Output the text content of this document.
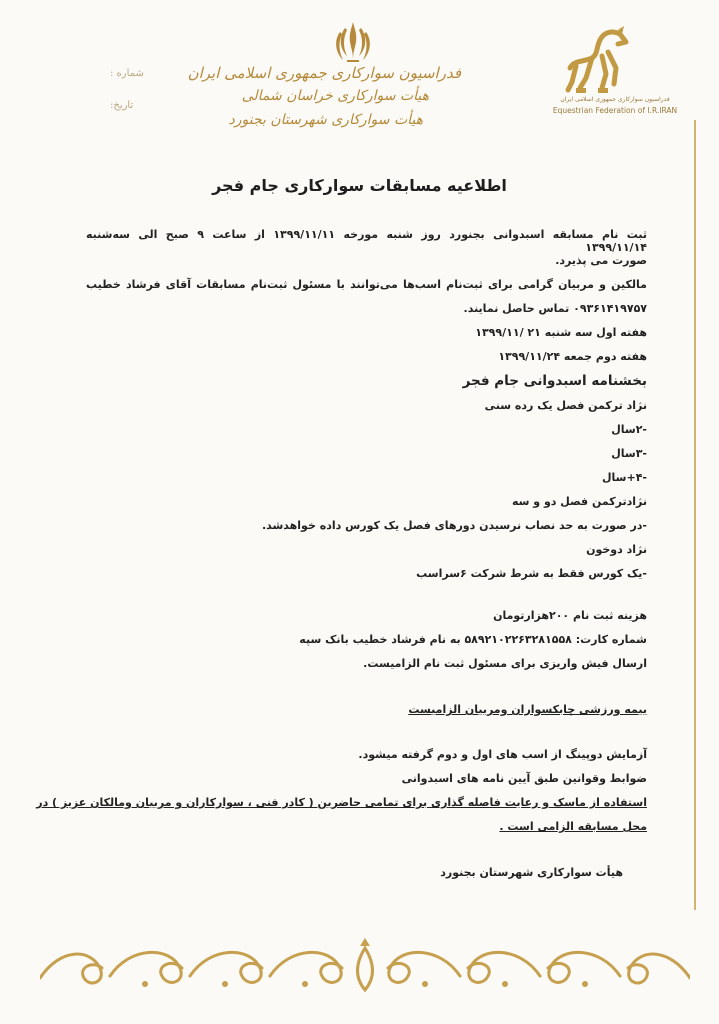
فدراسیون سوارکاری جمهوری اسلامی ایران
هیأت سوارکاری خراسان شمالی
هیأت سوارکاری شهرستان بجنورد
شماره :
تاریخ:
فدراسیون سوارکاری جمهوری اسلامی ایران
Equestrian Federation of I.R.IRAN
اطلاعیه مسابقات سوارکاری جام فجر
ثبت نام مسابقه اسبدوانی بجنورد روز شنبه مورخه ۱۳۹۹/۱۱/۱۱ از ساعت ۹ صبح الی سه‌شنبه ۱۳۹۹/۱۱/۱۴
صورت می پذیرد.
مالکین و مربیان گرامی برای ثبت‌نام اسب‌ها می‌توانند با مسئول ثبت‌نام مسابقات آقای فرشاد خطیب
۰۹۳۶۱۴۱۹۷۵۷ تماس حاصل نمایند.
هفته اول سه شنبه ۲۱ /۱۳۹۹/۱۱
هفته دوم جمعه ۱۳۹۹/۱۱/۲۴
بخشنامه اسبدوانی جام فجر
نژاد ترکمن فصل یک رده سنی
-۲سال
-۳سال
-۴+سال
نژادترکمن فصل دو و سه
-در صورت به حد نصاب نرسیدن دورهای فصل یک کورس داده خواهدشد.
نژاد دوخون
-یک کورس فقط به شرط شرکت ۶سراسب
هزینه ثبت نام ۲۰۰هزارتومان
شماره کارت: ۵۸۹۲۱۰۲۲۶۳۲۸۱۵۵۸ به نام فرشاد خطیب بانک سپه
ارسال فیش واریزی برای مسئول ثبت نام الزامیست.
بیمه ورزشی چابکسواران ومربیان الزامیست
آزمایش دوپینگ از اسب های اول و دوم گرفته میشود.
ضوابط وقوانین طبق آیین نامه های اسبدوانی
استفاده از ماسک و رعایت فاصله گذاری برای تمامی حاضرین ( کادر فنی ، سوارکاران و مربیان ومالکان عزیز ) در
محل مسابقه الزامی است .
هیأت سوارکاری شهرستان بجنورد
